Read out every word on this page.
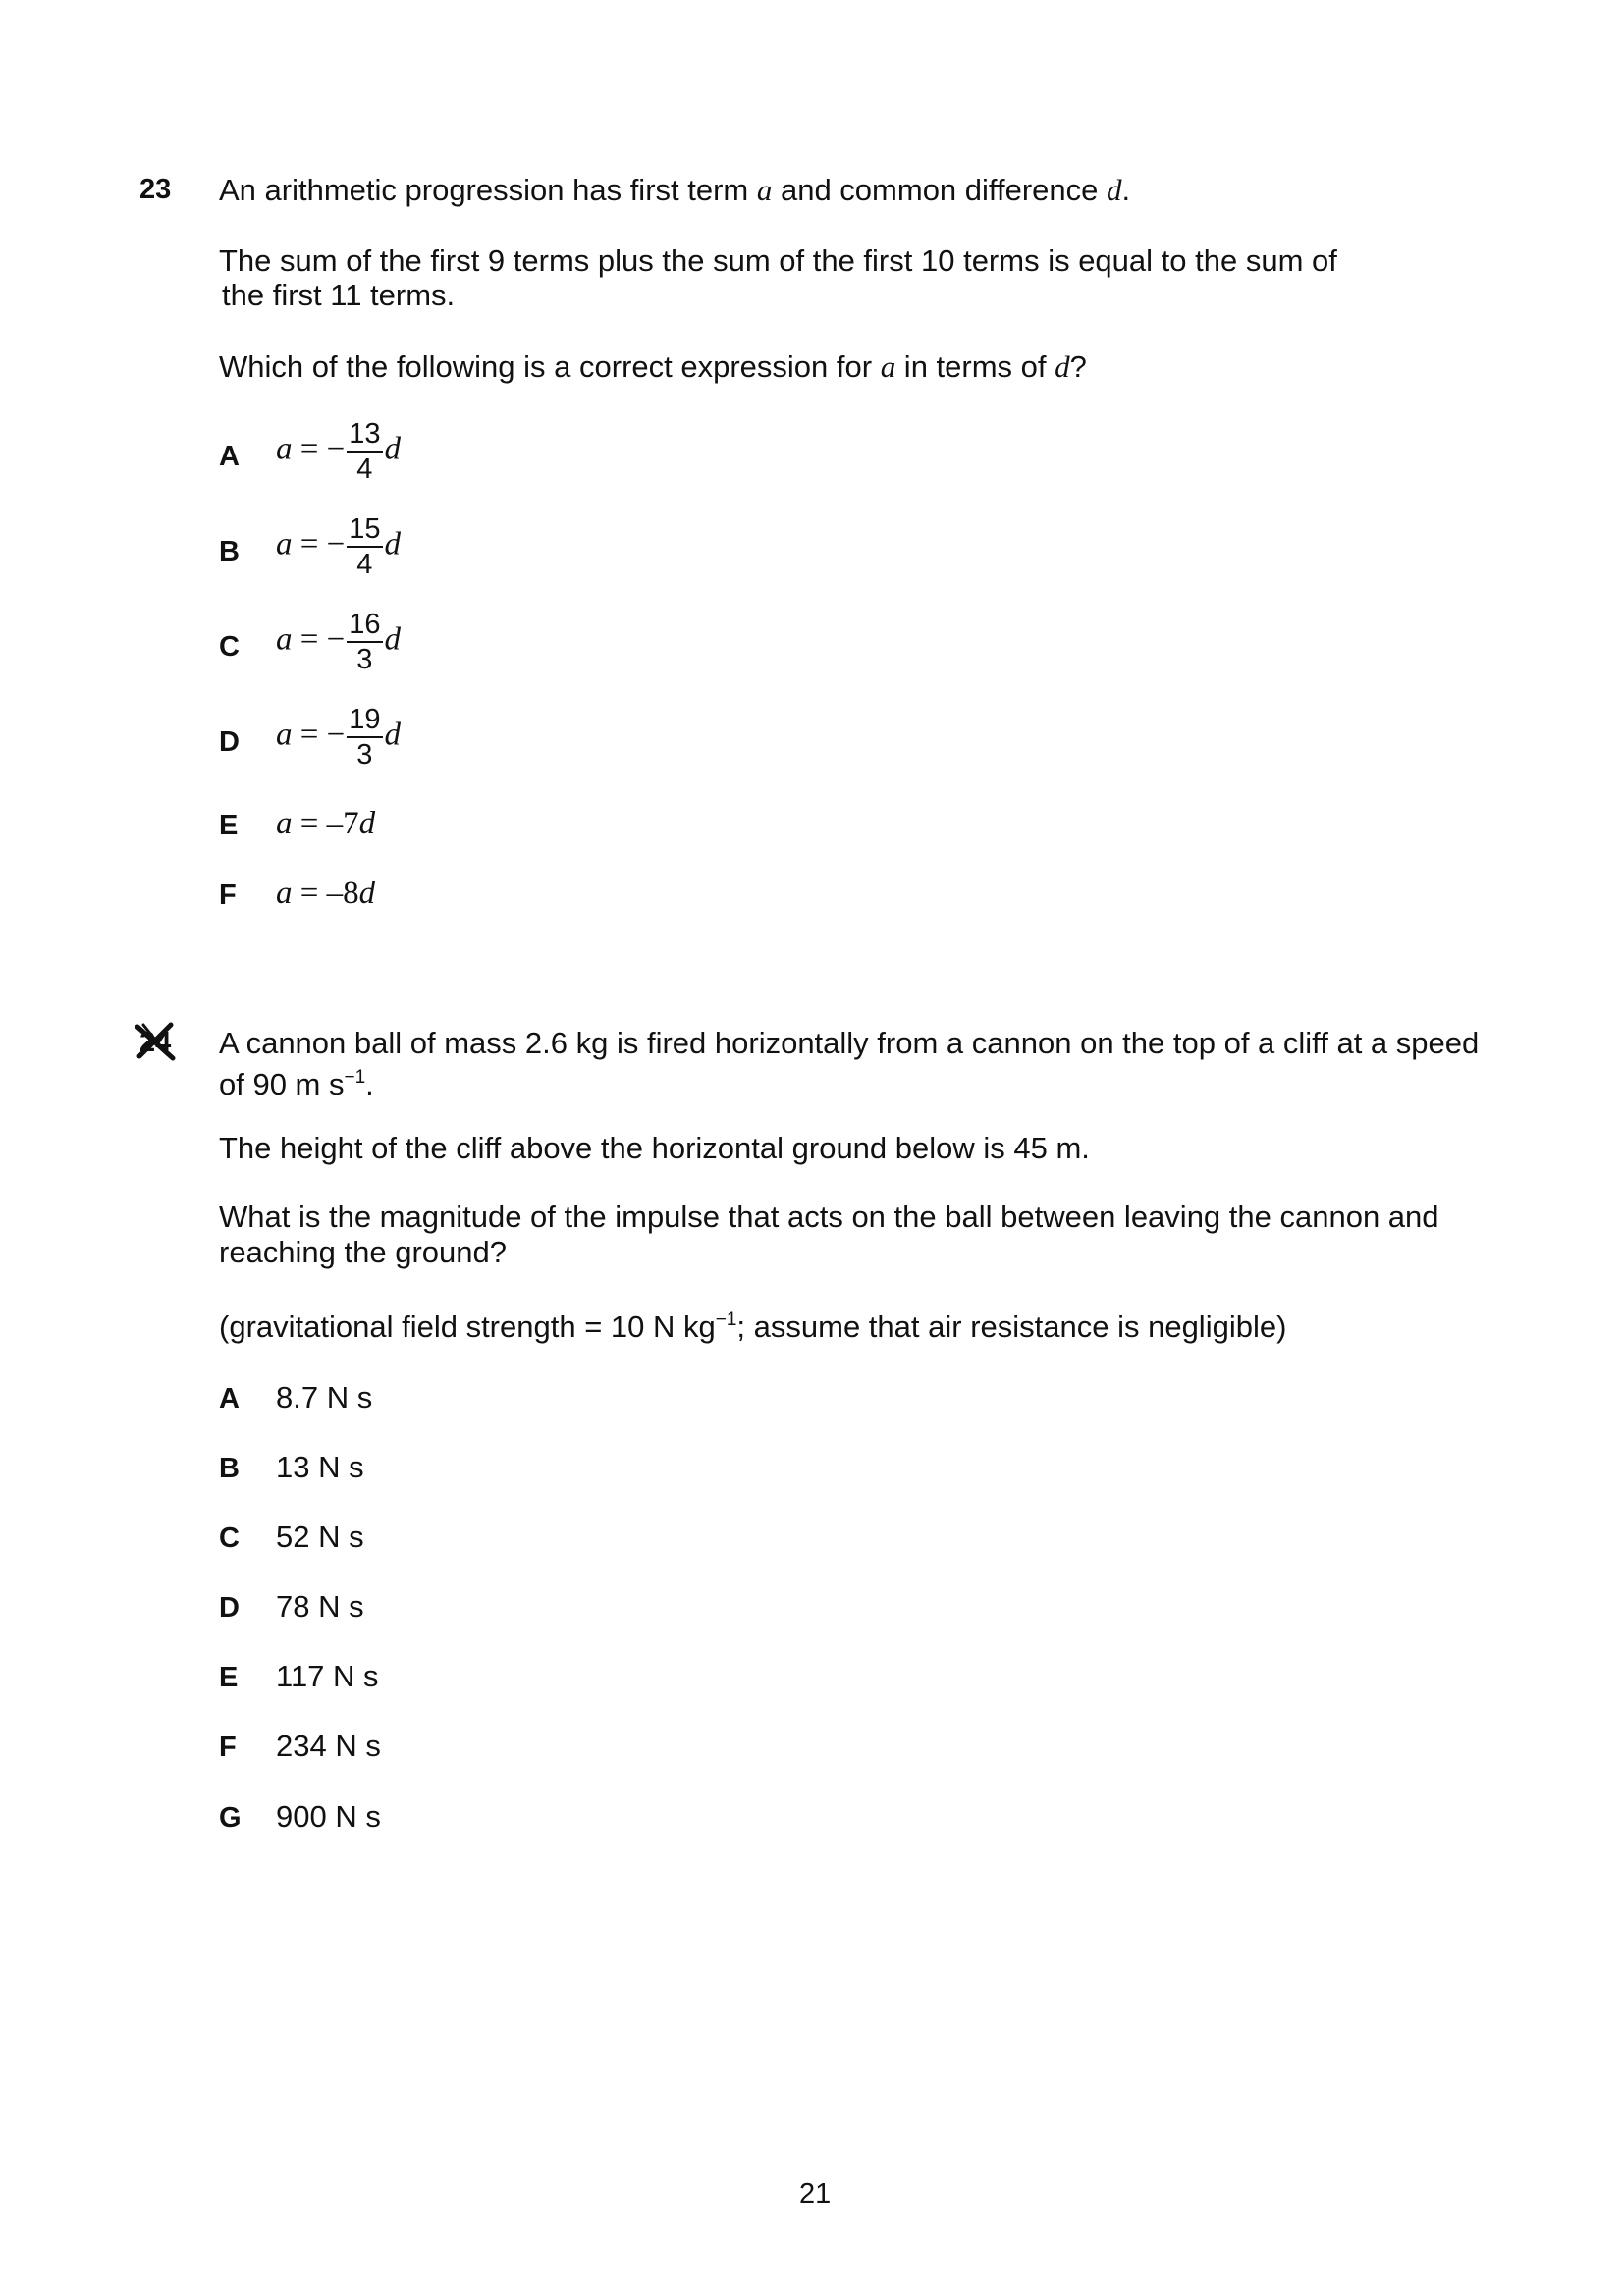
23 An arithmetic progression has first term a and common difference d.
The sum of the first 9 terms plus the sum of the first 10 terms is equal to the sum of
the first 11 terms.
Which of the following is a correct expression for a in terms of d?
A a = − $\frac{13}{4}$ d
B a = − $\frac{15}{4}$ d
C a = − $\frac{16}{3}$ d
D a = − $\frac{19}{3}$ d
E a = –7d
F a = –8d
24 A cannon ball of mass 2.6 kg is fired horizontally from a cannon on the top of a cliff at a speed
of 90 m $s^{-1}$.
The height of the cliff above the horizontal ground below is 45 m.
What is the magnitude of the impulse that acts on the ball between leaving the cannon and
reaching the ground?
(gravitational field strength = 10 N $kg^{-1}$; assume that air resistance is negligible)
A 8.7 N s
B 13 N s
C 52 N s
D 78 N s
E 117 N s
F 234 N s
G 900 N s
21
